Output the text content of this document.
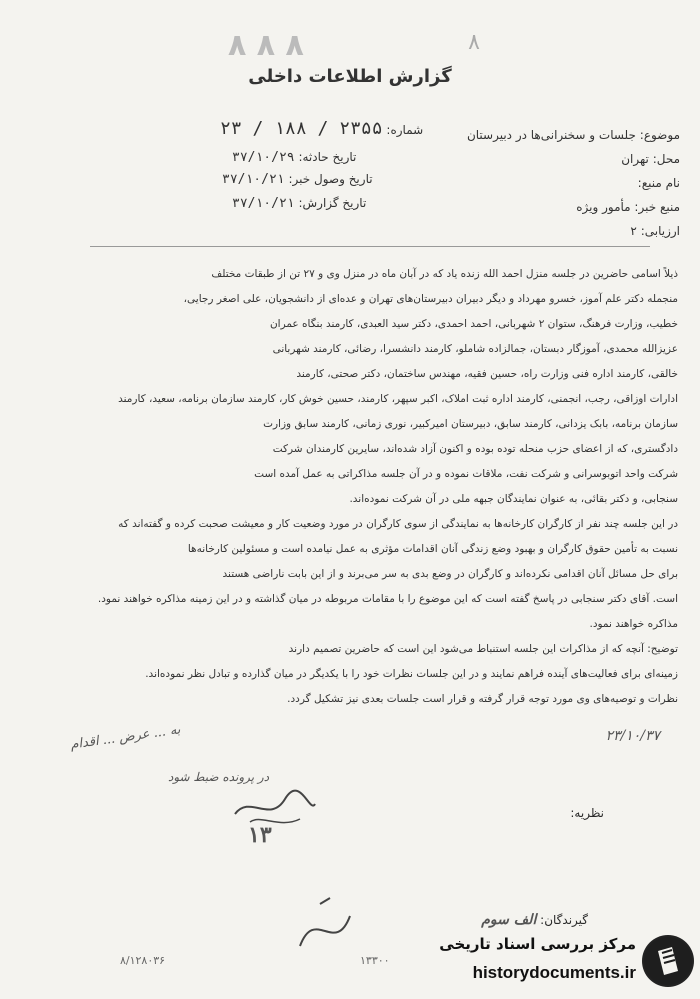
۸ ۸ ۸	۸
گزارش اطلاعات داخلی
موضوع: جلسات و سخنرانی‌ها در دبیرستان
شماره: ۲۳۵۵ / ۱۸۸ / ۲۳
محل: تهران
تاریخ حادثه: ۳۷/۱۰/۲۹
نام منبع:
تاریخ وصول خبر: ۳۷/۱۰/۲۱
منبع خبر: مأمور ویژه
تاریخ گزارش: ۳۷/۱۰/۲۱
ارزیابی: ۲

ذیلاً اسامی حاضرین در جلسه منزل احمد الله زنده یاد که در آبان ماه در منزل وی و ۲۷ تن از طبقات مختلف

منجمله دکتر علم آموز، خسرو مهرداد و دیگر دبیران دبیرستان‌های تهران و عده‌ای از دانشجویان، علی اصغر رجایی،

خطیب، وزارت فرهنگ، ستوان ۲ شهربانی، احمد احمدی، دکتر سید العبدی، کارمند بنگاه عمران

عزیزالله محمدی، آموزگار دبستان، جمالزاده شاملو، کارمند دانشسرا، رضائی، کارمند شهربانی

خالقی، کارمند اداره فنی وزارت راه، حسین فقیه، مهندس ساختمان، دکتر صحتی، کارمند

ادارات اوزاقی، رجب، انجمنی، کارمند اداره ثبت املاک، اکبر سپهر، کارمند، حسین خوش کار، کارمند سازمان برنامه، سعید، کارمند

سازمان برنامه، بابک یزدانی، کارمند سابق، دبیرستان امیرکبیر، نوری زمانی، کارمند سابق وزارت

دادگستری، که از اعضای حزب منحله توده بوده و اکنون آزاد شده‌اند، سایرین کارمندان شرکت

شرکت واحد اتوبوسرانی و شرکت نفت، ملاقات نموده و در آن جلسه مذاکراتی به عمل آمده است

سنجابی، و دکتر بقائی، به عنوان نمایندگان جبهه ملی در آن شرکت نموده‌اند.

در این جلسه چند نفر از کارگران کارخانه‌ها به نمایندگی از سوی کارگران در مورد وضعیت کار و معیشت صحبت کرده و گفته‌اند که

نسبت به تأمین حقوق کارگران و بهبود وضع زندگی آنان اقدامات مؤثری به عمل نیامده است و مسئولین کارخانه‌ها

برای حل مسائل آنان اقدامی نکرده‌اند و کارگران در وضع بدی به سر می‌برند و از این بابت ناراضی هستند

است. آقای دکتر سنجابی در پاسخ گفته است که این موضوع را با مقامات مربوطه در میان گذاشته و در این زمینه مذاکره خواهند نمود.

مذاکره خواهند نمود.

توضیح: آنچه که از مذاکرات این جلسه استنباط می‌شود این است که حاضرین تصمیم دارند

زمینه‌ای برای فعالیت‌های آینده فراهم نمایند و در این جلسات نظرات خود را با یکدیگر در میان گذارده و تبادل نظر نموده‌اند.

نظرات و توصیه‌های وی مورد توجه قرار گرفته و قرار است جلسات بعدی نیز تشکیل گردد.

به ... عرض ... اقدام
در پرونده ضبط شود
۲۳/۱۰/۳۷
۱۳
نظریه:
گیرندگان: الف سوم
۸/۱۲۸۰۳۶	۱۳۳۰۰
مرکز بررسی اسناد تاریخی
historydocuments.ir
